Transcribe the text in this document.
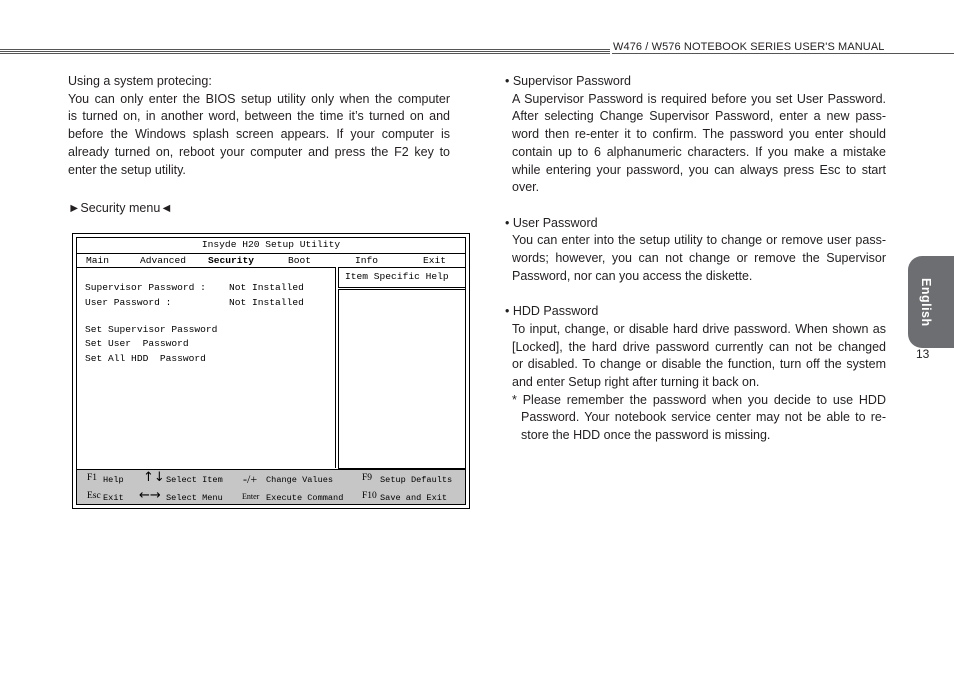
W476 / W576 NOTEBOOK SERIES USER'S MANUAL

Using a system protecing:

You can only enter the BIOS setup utility only when the computer

is turned on, in another word, between the time it’s turned on and

before the Windows splash screen appears. If your computer is

already turned on, reboot your computer and press the F2 key to

enter the setup utility.

►Security menu◄

Insyde H20 Setup Utility
Main	Advanced Security	Boot	Info	Exit
Supervisor Password : Not Installed
User Password :	Not Installed
Set Supervisor Password
Set User  Password
Set All HDD  Password
Item Specific Help
F1 Help ↑↓ Select Item -/+ Change Values	F9 Setup Defaults
Esc Exit ←→ Select Menu Enter Execute Command F10 Save and Exit

• Supervisor Password

A Supervisor Password is required before you set User Password.

After selecting Change Supervisor Password, enter a new pass-

word then re-enter it to confirm. The password you enter should

contain up to 6 alphanumeric characters. If you make a mistake

while entering your password, you can always press Esc to start

over.

• User Password

You can enter into the setup utility to change or remove user pass-

words; however, you can not change or remove the Supervisor

Password, nor can you access the diskette.

• HDD Password

To input, change, or disable hard drive password. When shown as

[Locked], the hard drive password currently can not be changed

or disabled. To change or disable the function, turn off the system

and enter Setup right after turning it back on.

* Please remember the password when you decide to use HDD

Password. Your notebook service center may not be able to re-

store the HDD once the password is missing.

English
13
